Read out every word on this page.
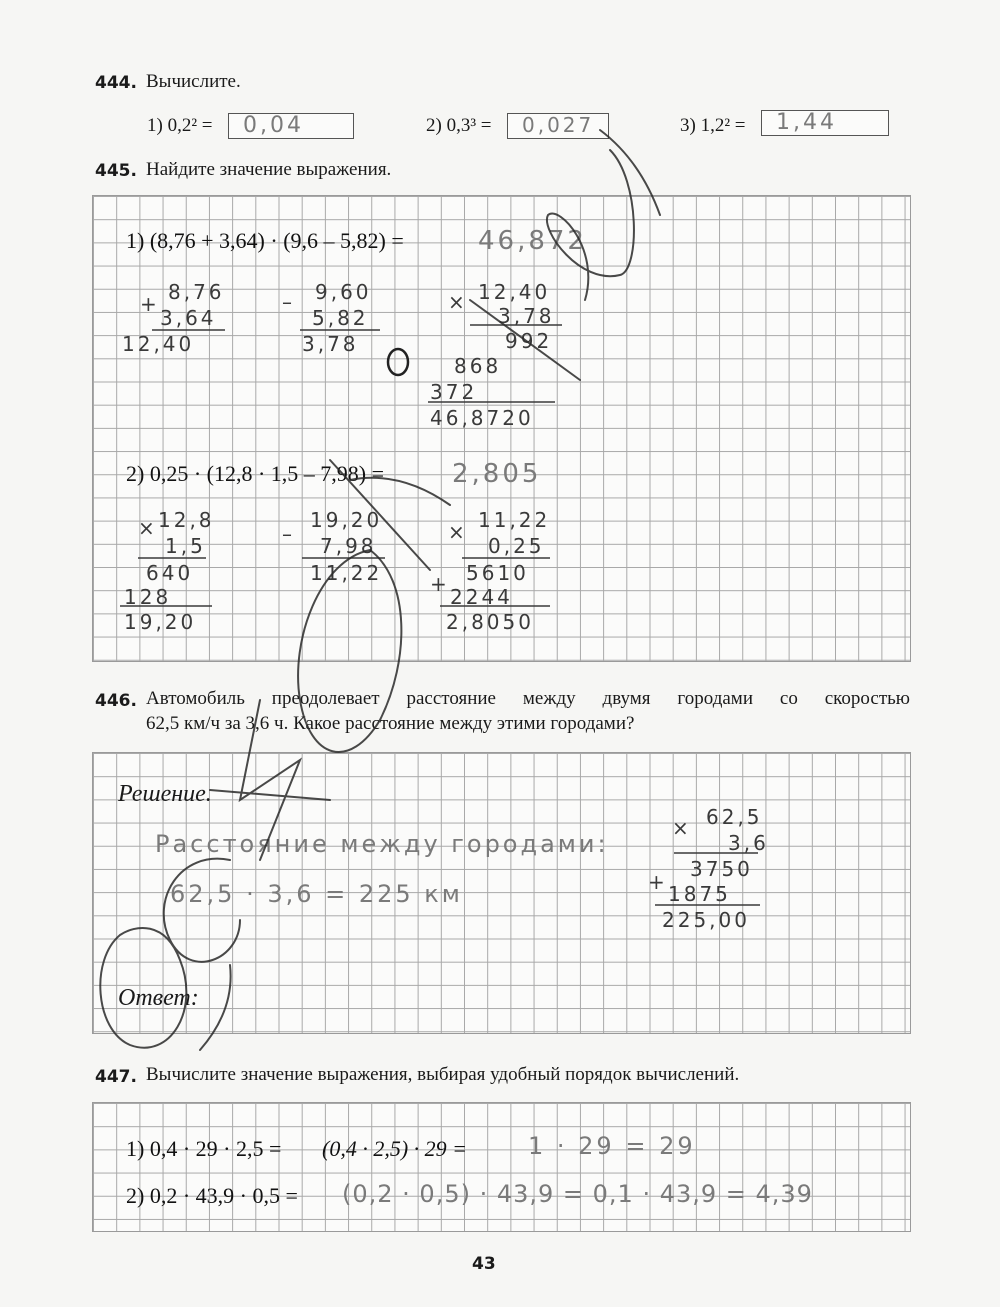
444. Вычислите.
1) 0,2² = 0,04	2) 0,3³ = 0,027	3) 1,2² = 1,44
445. Найдите значение выражения.
1) (8,76 + 3,64) · (9,6 – 5,82) =	46,872
+ 8,76
3,64
12,40
– 9,60
5,82
3,78
× 12,40
3,78
992
868
372
46,8720
2) 0,25 · (12,8 · 1,5 – 7,98) =	2,805
× 12,8
1,5
640
128
19,20
–
19,20
7,98
11,22
× 11,22
0,25
+ 5610
2244
2,8050
446. Автомобиль преодолевает расстояние между двумя городами со скоростью
62,5 км/ч за 3,6 ч. Какое расстояние между этими городами?
Решение.
Расстояние между городами:
62,5 · 3,6 = 225 км
Ответ:
× 62,5
3,6
+
3750
1875
225,00
447. Вычислите значение выражения, выбирая удобный порядок вычислений.
1) 0,4 · 29 · 2,5 = (0,4 · 2,5) · 29 =	1 · 29 = 29
2) 0,2 · 43,9 · 0,5 = (0,2 · 0,5) · 43,9 = 0,1 · 43,9 = 4,39
43
